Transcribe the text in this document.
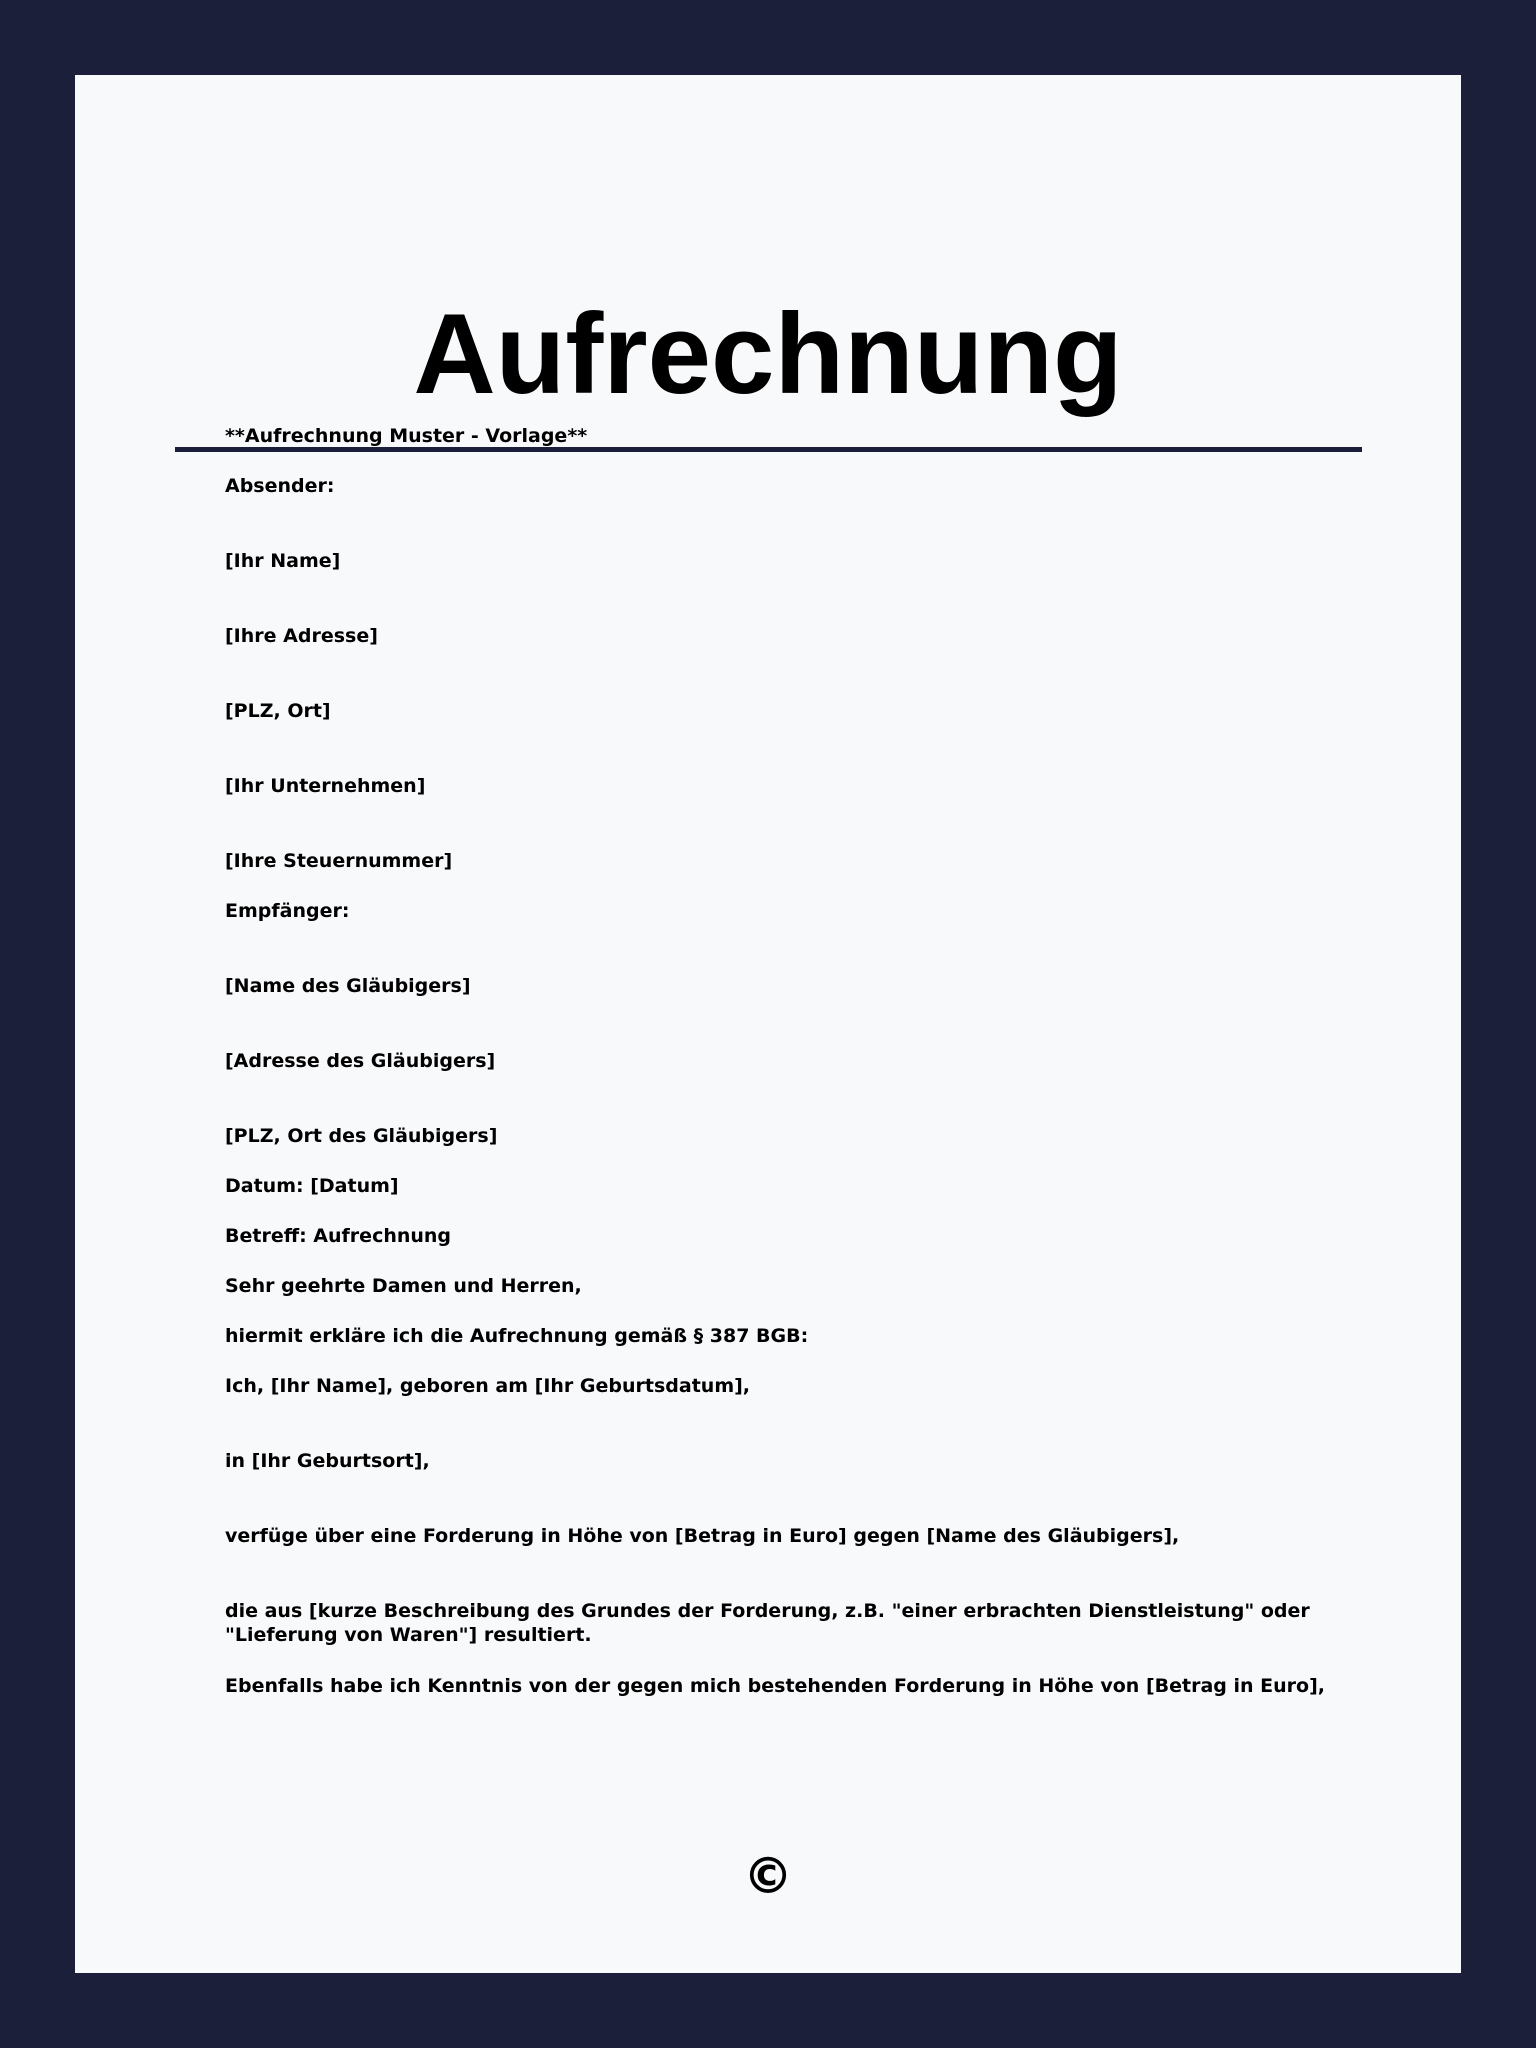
Aufrechnung

**Aufrechnung Muster - Vorlage**

Absender:

[Ihr Name]

[Ihre Adresse]

[PLZ, Ort]

[Ihr Unternehmen]

[Ihre Steuernummer]

Empfänger:

[Name des Gläubigers]

[Adresse des Gläubigers]

[PLZ, Ort des Gläubigers]

Datum: [Datum]

Betreff: Aufrechnung

Sehr geehrte Damen und Herren,

hiermit erkläre ich die Aufrechnung gemäß § 387 BGB:

Ich, [Ihr Name], geboren am [Ihr Geburtsdatum],

in [Ihr Geburtsort],

verfüge über eine Forderung in Höhe von [Betrag in Euro] gegen [Name des Gläubigers],

die aus [kurze Beschreibung des Grundes der Forderung, z.B. "einer erbrachten Dienstleistung" oder "Lieferung von Waren"] resultiert.

Ebenfalls habe ich Kenntnis von der gegen mich bestehenden Forderung in Höhe von [Betrag in Euro],

©
